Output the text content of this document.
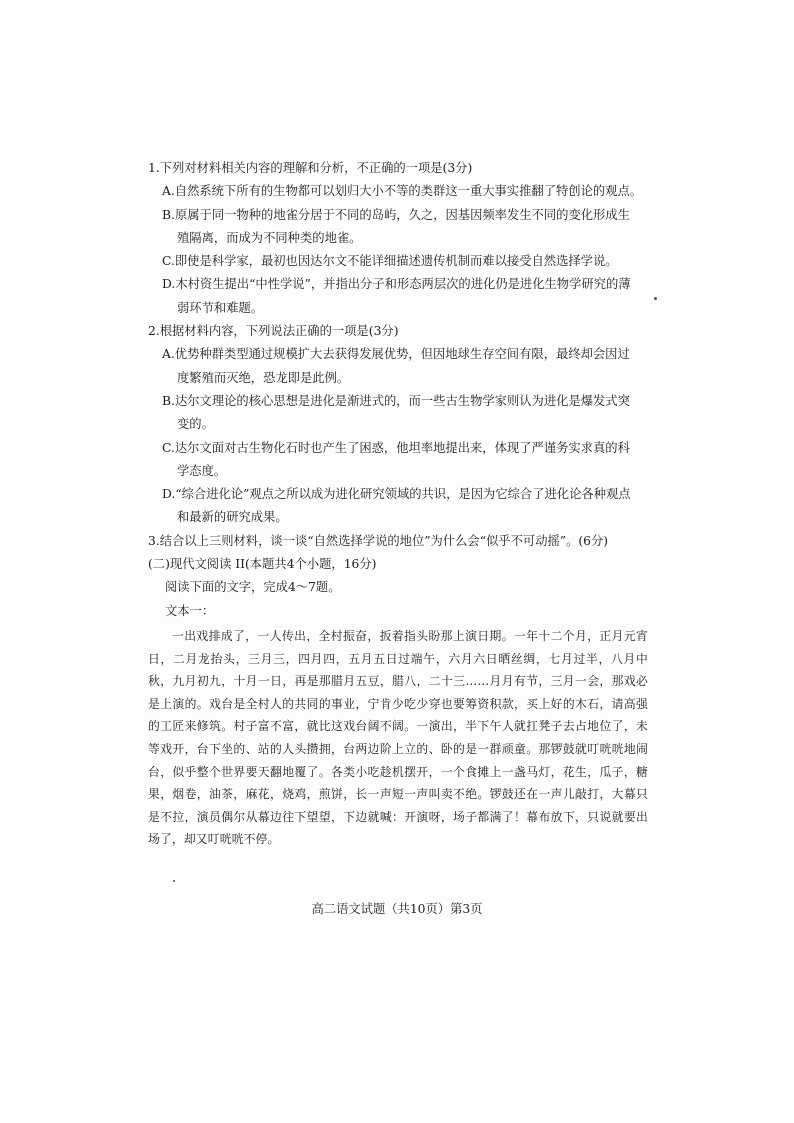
1.下列对材料相关内容的理解和分析，不正确的一项是(3分)

A.自然系统下所有的生物都可以划归大小不等的类群这一重大事实推翻了特创论的观点。

B.原属于同一物种的地雀分居于不同的岛屿，久之，因基因频率发生不同的变化形成生

殖隔离，而成为不同种类的地雀。

C.即使是科学家，最初也因达尔文不能详细描述遗传机制而难以接受自然选择学说。

D.木村资生提出“中性学说”，并指出分子和形态两层次的进化仍是进化生物学研究的薄

弱环节和难题。

2.根据材料内容，下列说法正确的一项是(3分)

A.优势种群类型通过规模扩大去获得发展优势，但因地球生存空间有限，最终却会因过

度繁殖而灭绝，恐龙即是此例。

B.达尔文理论的核心思想是进化是渐进式的，而一些古生物学家则认为进化是爆发式突

变的。

C.达尔文面对古生物化石时也产生了困惑，他坦率地提出来，体现了严谨务实求真的科

学态度。

D.“综合进化论”观点之所以成为进化研究领域的共识，是因为它综合了进化论各种观点

和最新的研究成果。

3.结合以上三则材料，谈一谈“自然选择学说的地位”为什么会“似乎不可动摇”。(6分)

(二)现代文阅读 II(本题共4个小题，16分)

阅读下面的文字，完成4～7题。

文本一：

一出戏排成了，一人传出，全村振奋，扳着指头盼那上演日期。一年十二个月，正月元宵日，二月龙抬头，三月三，四月四，五月五日过端午，六月六日晒丝绸，七月过半，八月中秋，九月初九，十月一日，再是那腊月五豆，腊八，二十三……月月有节，三月一会，那戏必是上演的。戏台是全村人的共同的事业，宁肯少吃少穿也要筹资积款，买上好的木石，请高强的工匠来修筑。村子富不富，就比这戏台阔不阔。一演出，半下午人就扛凳子去占地位了，未等戏开，台下坐的、站的人头攒拥，台两边阶上立的、卧的是一群顽童。那锣鼓就叮咣咣地闹台，似乎整个世界要天翻地覆了。各类小吃趁机摆开，一个食摊上一盏马灯，花生，瓜子，糖果，烟卷，油茶，麻花，烧鸡，煎饼，长一声短一声叫卖不绝。锣鼓还在一声儿敲打，大幕只是不拉，演员偶尔从幕边往下望望，下边就喊：开演呀，场子都满了！幕布放下，只说就要出场了，却又叮咣咣不停。

高二语文试题（共10页）第3页
